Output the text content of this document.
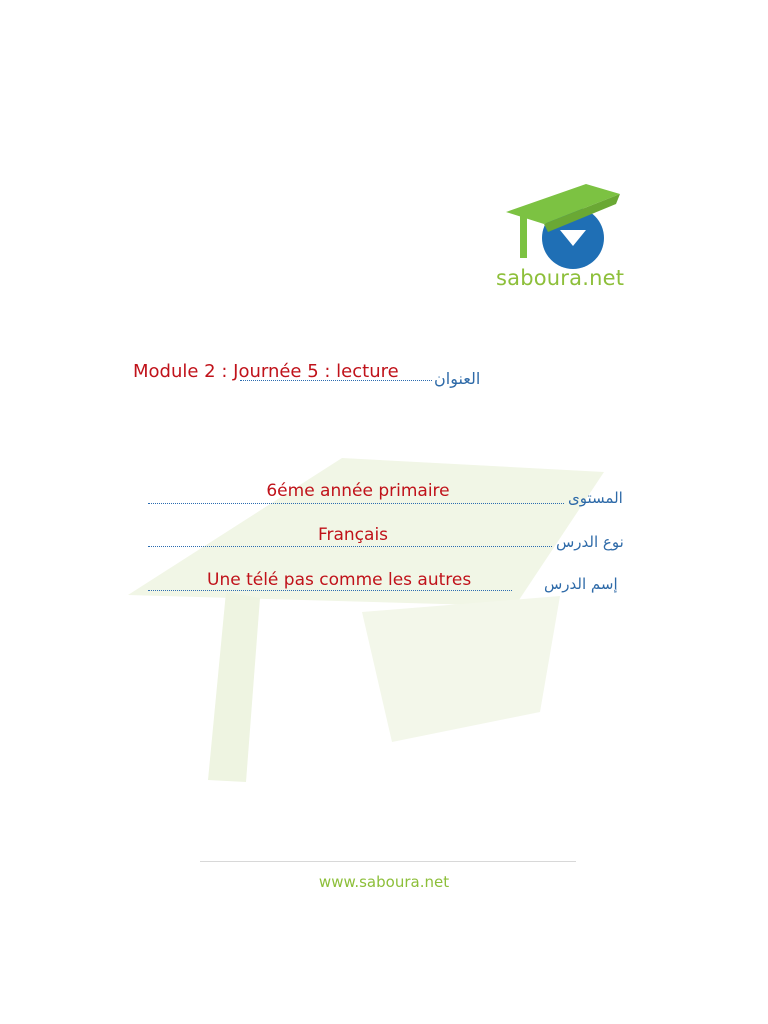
saboura.net
Module 2 : Journée 5 : lecture العنوان
6éme année primaire	المستوى
Français	نوع الدرس
Une télé pas comme les autres	إسم الدرس
www.saboura.net
